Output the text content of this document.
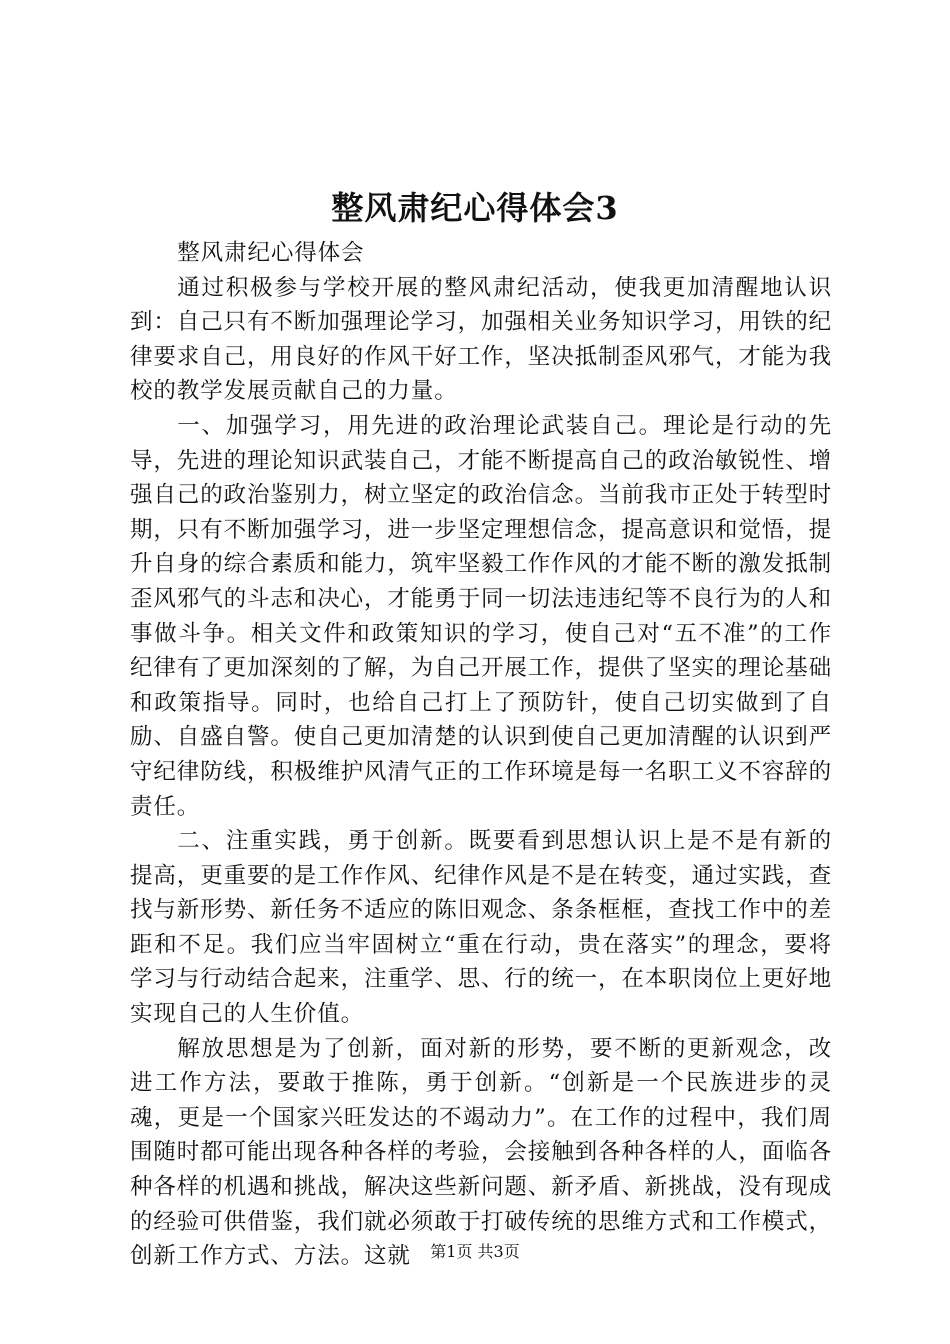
整风肃纪心得体会3

整风肃纪心得体会

通过积极参与学校开展的整风肃纪活动，使我更加清醒地认识到：自己只有不断加强理论学习，加强相关业务知识学习，用铁的纪律要求自己，用良好的作风干好工作，坚决抵制歪风邪气，才能为我校的教学发展贡献自己的力量。

一、加强学习，用先进的政治理论武装自己。理论是行动的先导，先进的理论知识武装自己，才能不断提高自己的政治敏锐性、增强自己的政治鉴别力，树立坚定的政治信念。当前我市正处于转型时期，只有不断加强学习，进一步坚定理想信念，提高意识和觉悟，提升自身的综合素质和能力，筑牢坚毅工作作风的才能不断的激发抵制歪风邪气的斗志和决心，才能勇于同一切法违违纪等不良行为的人和事做斗争。相关文件和政策知识的学习，使自己对“五不准”的工作纪律有了更加深刻的了解，为自己开展工作，提供了坚实的理论基础和政策指导。同时，也给自己打上了预防针，使自己切实做到了自励、自盛自警。使自己更加清楚的认识到使自己更加清醒的认识到严守纪律防线，积极维护风清气正的工作环境是每一名职工义不容辞的责任。

二、注重实践，勇于创新。既要看到思想认识上是不是有新的提高，更重要的是工作作风、纪律作风是不是在转变，通过实践，查找与新形势、新任务不适应的陈旧观念、条条框框，查找工作中的差距和不足。我们应当牢固树立“重在行动，贵在落实”的理念，要将学习与行动结合起来，注重学、思、行的统一，在本职岗位上更好地实现自己的人生价值。

解放思想是为了创新，面对新的形势，要不断的更新观念，改进工作方法，要敢于推陈，勇于创新。“创新是一个民族进步的灵魂，更是一个国家兴旺发达的不竭动力”。在工作的过程中，我们周围随时都可能出现各种各样的考验，会接触到各种各样的人，面临各种各样的机遇和挑战，解决这些新问题、新矛盾、新挑战，没有现成的经验可供借鉴，我们就必须敢于打破传统的思维方式和工作模式，创新工作方式、方法。这就	第1页 共3页
